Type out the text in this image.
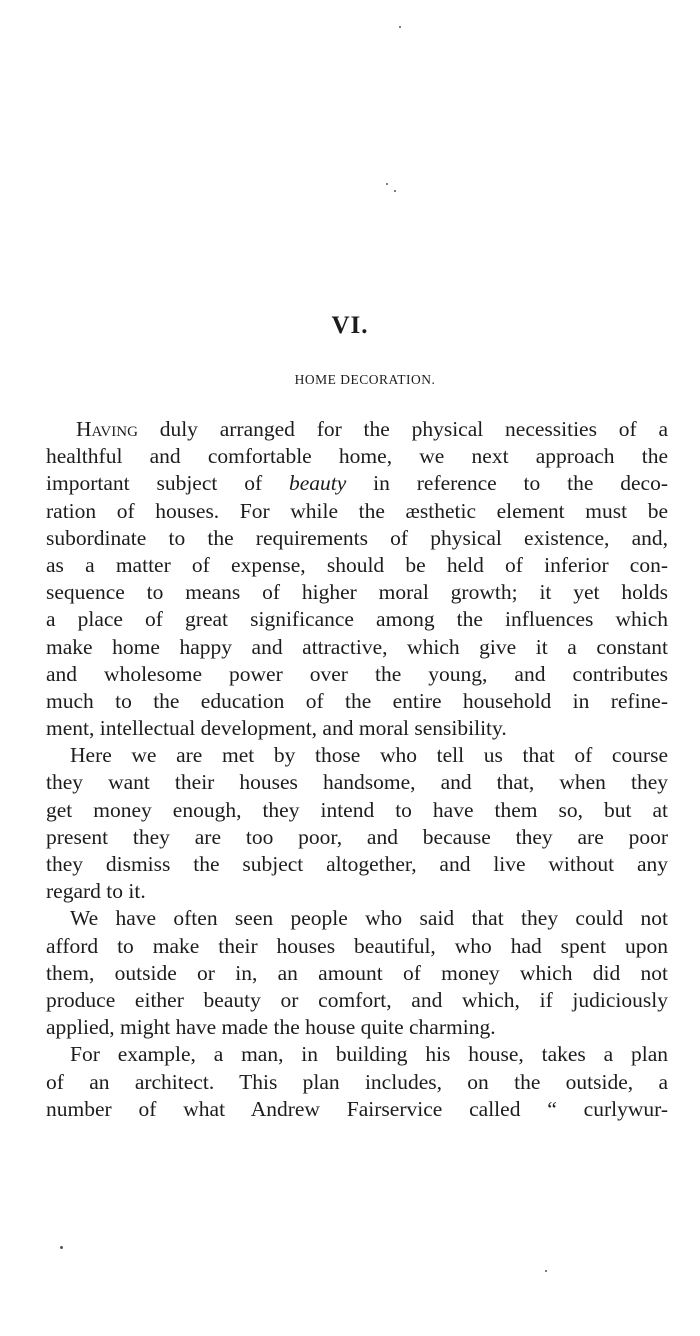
VI.
HOME DECORATION.
Having duly arranged for the physical necessities of a
healthful and comfortable home, we next approach the
important subject of beauty in reference to the deco-
ration of houses. For while the æsthetic element must be
subordinate to the requirements of physical existence, and,
as a matter of expense, should be held of inferior con-
sequence to means of higher moral growth; it yet holds
a place of great significance among the influences which
make home happy and attractive, which give it a constant
and wholesome power over the young, and contributes
much to the education of the entire household in refine-
ment, intellectual development, and moral sensibility.
Here we are met by those who tell us that of course
they want their houses handsome, and that, when they
get money enough, they intend to have them so, but at
present they are too poor, and because they are poor
they dismiss the subject altogether, and live without any
regard to it.
We have often seen people who said that they could not
afford to make their houses beautiful, who had spent upon
them, outside or in, an amount of money which did not
produce either beauty or comfort, and which, if judiciously
applied, might have made the house quite charming.
For example, a man, in building his house, takes a plan
of an architect. This plan includes, on the outside, a
number of what Andrew Fairservice called “ curlywur-
